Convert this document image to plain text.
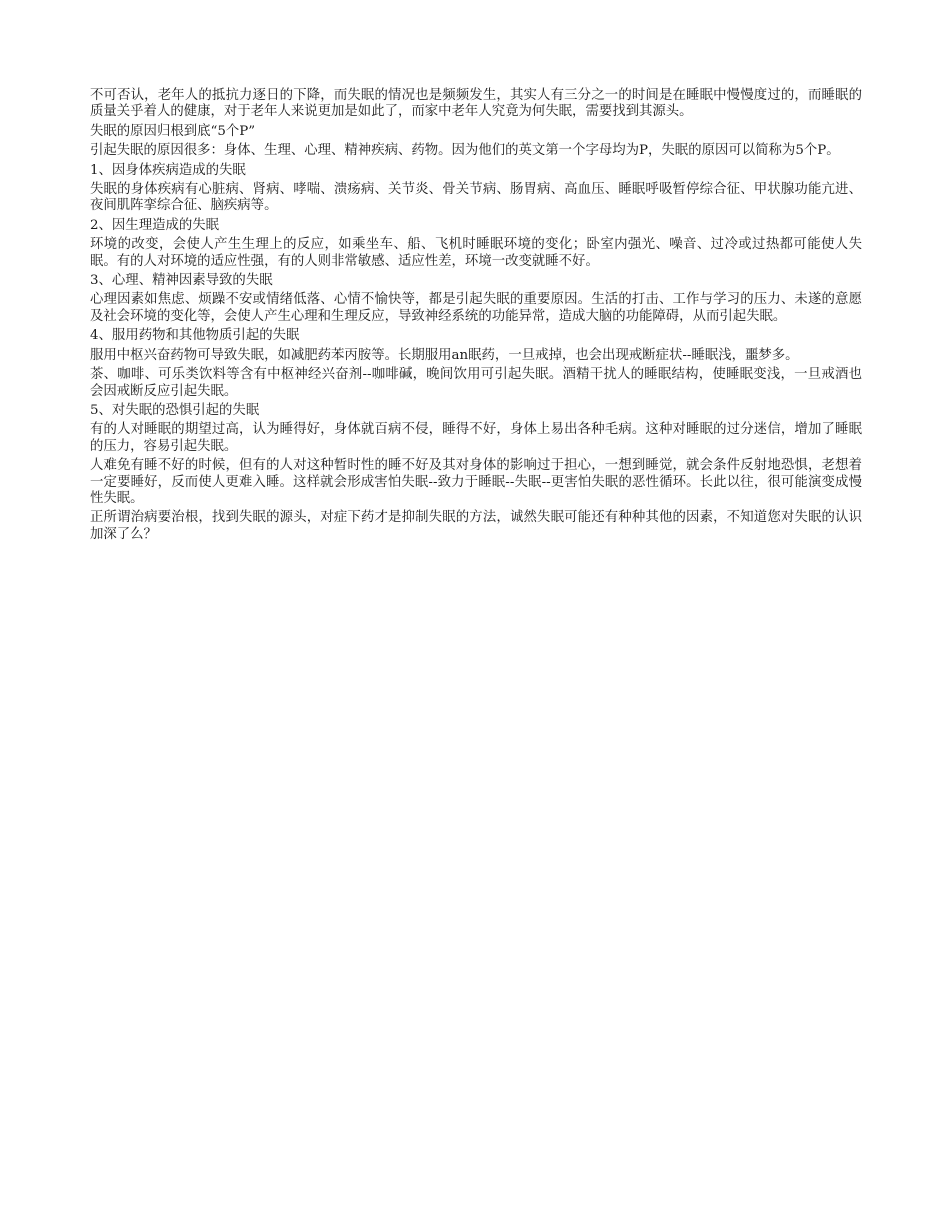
不可否认，老年人的抵抗力逐日的下降，而失眠的情况也是频频发生，其实人有三分之一的时间是在睡眠中慢慢度过的，而睡眠的质量关乎着人的健康，对于老年人来说更加是如此了，而家中老年人究竟为何失眠，需要找到其源头。

失眠的原因归根到底“5个P”

引起失眠的原因很多：身体、生理、心理、精神疾病、药物。因为他们的英文第一个字母均为P，失眠的原因可以简称为5个P。

1、因身体疾病造成的失眠

失眠的身体疾病有心脏病、肾病、哮喘、溃疡病、关节炎、骨关节病、肠胃病、高血压、睡眠呼吸暂停综合征、甲状腺功能亢进、夜间肌阵挛综合征、脑疾病等。

2、因生理造成的失眠

环境的改变，会使人产生生理上的反应，如乘坐车、船、飞机时睡眠环境的变化；卧室内强光、噪音、过冷或过热都可能使人失眠。有的人对环境的适应性强，有的人则非常敏感、适应性差，环境一改变就睡不好。

3、心理、精神因素导致的失眠

心理因素如焦虑、烦躁不安或情绪低落、心情不愉快等，都是引起失眠的重要原因。生活的打击、工作与学习的压力、未遂的意愿及社会环境的变化等，会使人产生心理和生理反应，导致神经系统的功能异常，造成大脑的功能障碍，从而引起失眠。

4、服用药物和其他物质引起的失眠

服用中枢兴奋药物可导致失眠，如减肥药苯丙胺等。长期服用an眠药，一旦戒掉，也会出现戒断症状--睡眠浅，噩梦多。

茶、咖啡、可乐类饮料等含有中枢神经兴奋剂--咖啡碱，晚间饮用可引起失眠。酒精干扰人的睡眠结构，使睡眠变浅，一旦戒酒也会因戒断反应引起失眠。

5、对失眠的恐惧引起的失眠

有的人对睡眠的期望过高，认为睡得好，身体就百病不侵，睡得不好，身体上易出各种毛病。这种对睡眠的过分迷信，增加了睡眠的压力，容易引起失眠。

人难免有睡不好的时候，但有的人对这种暂时性的睡不好及其对身体的影响过于担心，一想到睡觉，就会条件反射地恐惧，老想着一定要睡好，反而使人更难入睡。这样就会形成害怕失眠--致力于睡眠--失眠--更害怕失眠的恶性循环。长此以往，很可能演变成慢性失眠。

正所谓治病要治根，找到失眠的源头，对症下药才是抑制失眠的方法，诚然失眠可能还有种种其他的因素，不知道您对失眠的认识加深了么？
